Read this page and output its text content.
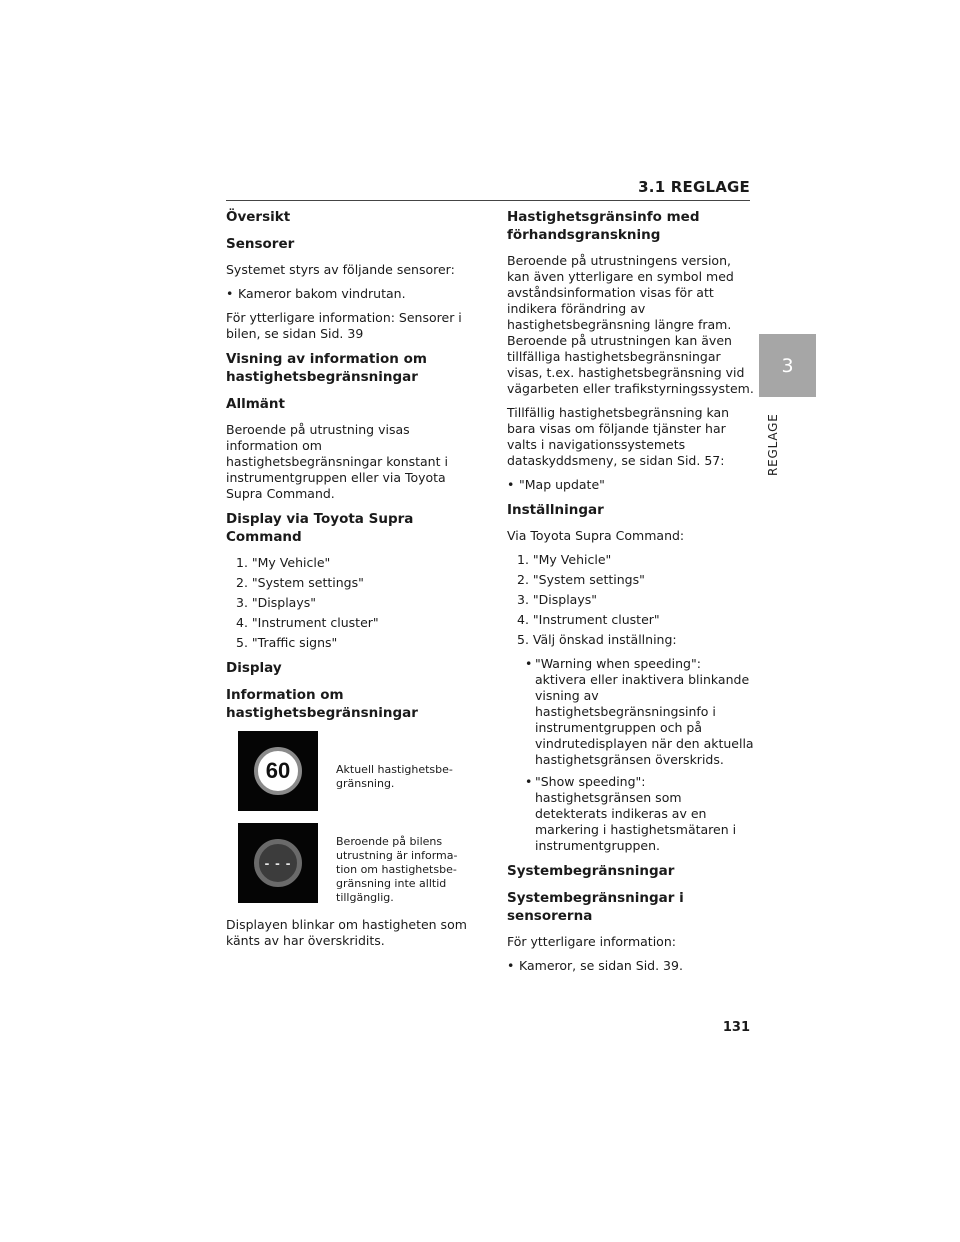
3.1 REGLAGE
3
REGLAGE
Översikt
Sensorer

Systemet styrs av följande sensorer:

• Kameror bakom vindrutan.

För ytterligare information: Sensorer i bilen, se sidan Sid. 39

Visning av information om hastighetsbegränsningar
Allmänt

Beroende på utrustning visas information om hastighetsbegränsningar konstant i instrumentgruppen eller via Toyota Supra Command.

Display via Toyota Supra Command
1. "My Vehicle"
2. "System settings"
3. "Displays"
4. "Instrument cluster"
5. "Traffic signs"
Display
Information om hastighetsbegränsningar
60	Aktuell hastighetsbe-gränsning.
- - -
Beroende på bilens utrustning är informa-tion om hastighetsbe-gränsning inte alltid tillgänglig.

Displayen blinkar om hastigheten som känts av har överskridits.

Hastighetsgränsinfo med förhandsgranskning

Beroende på utrustningens version, kan även ytterligare en symbol med avståndsinformation visas för att indikera förändring av hastighetsbegränsning längre fram. Beroende på utrustningen kan även tillfälliga hastighetsbegränsningar visas, t.ex. hastighetsbegränsning vid vägarbeten eller trafikstyrningssystem.

Tillfällig hastighetsbegränsning kan bara visas om följande tjänster har valts i navigationssystemets dataskyddsmeny, se sidan Sid. 57:

• "Map update"
Inställningar

Via Toyota Supra Command:

1. "My Vehicle"
2. "System settings"
3. "Displays"
4. "Instrument cluster"
5. Välj önskad inställning:
• "Warning when speeding": aktivera eller inaktivera blinkande visning av hastighetsbegränsningsinfo i instrumentgruppen och på vindrutedisplayen när den aktuella hastighetsgränsen överskrids.
• "Show speeding": hastighetsgränsen som detekterats indikeras av en markering i hastighetsmätaren i instrumentgruppen.
Systembegränsningar
Systembegränsningar i sensorerna

För ytterligare information:

• Kameror, se sidan Sid. 39.
131
